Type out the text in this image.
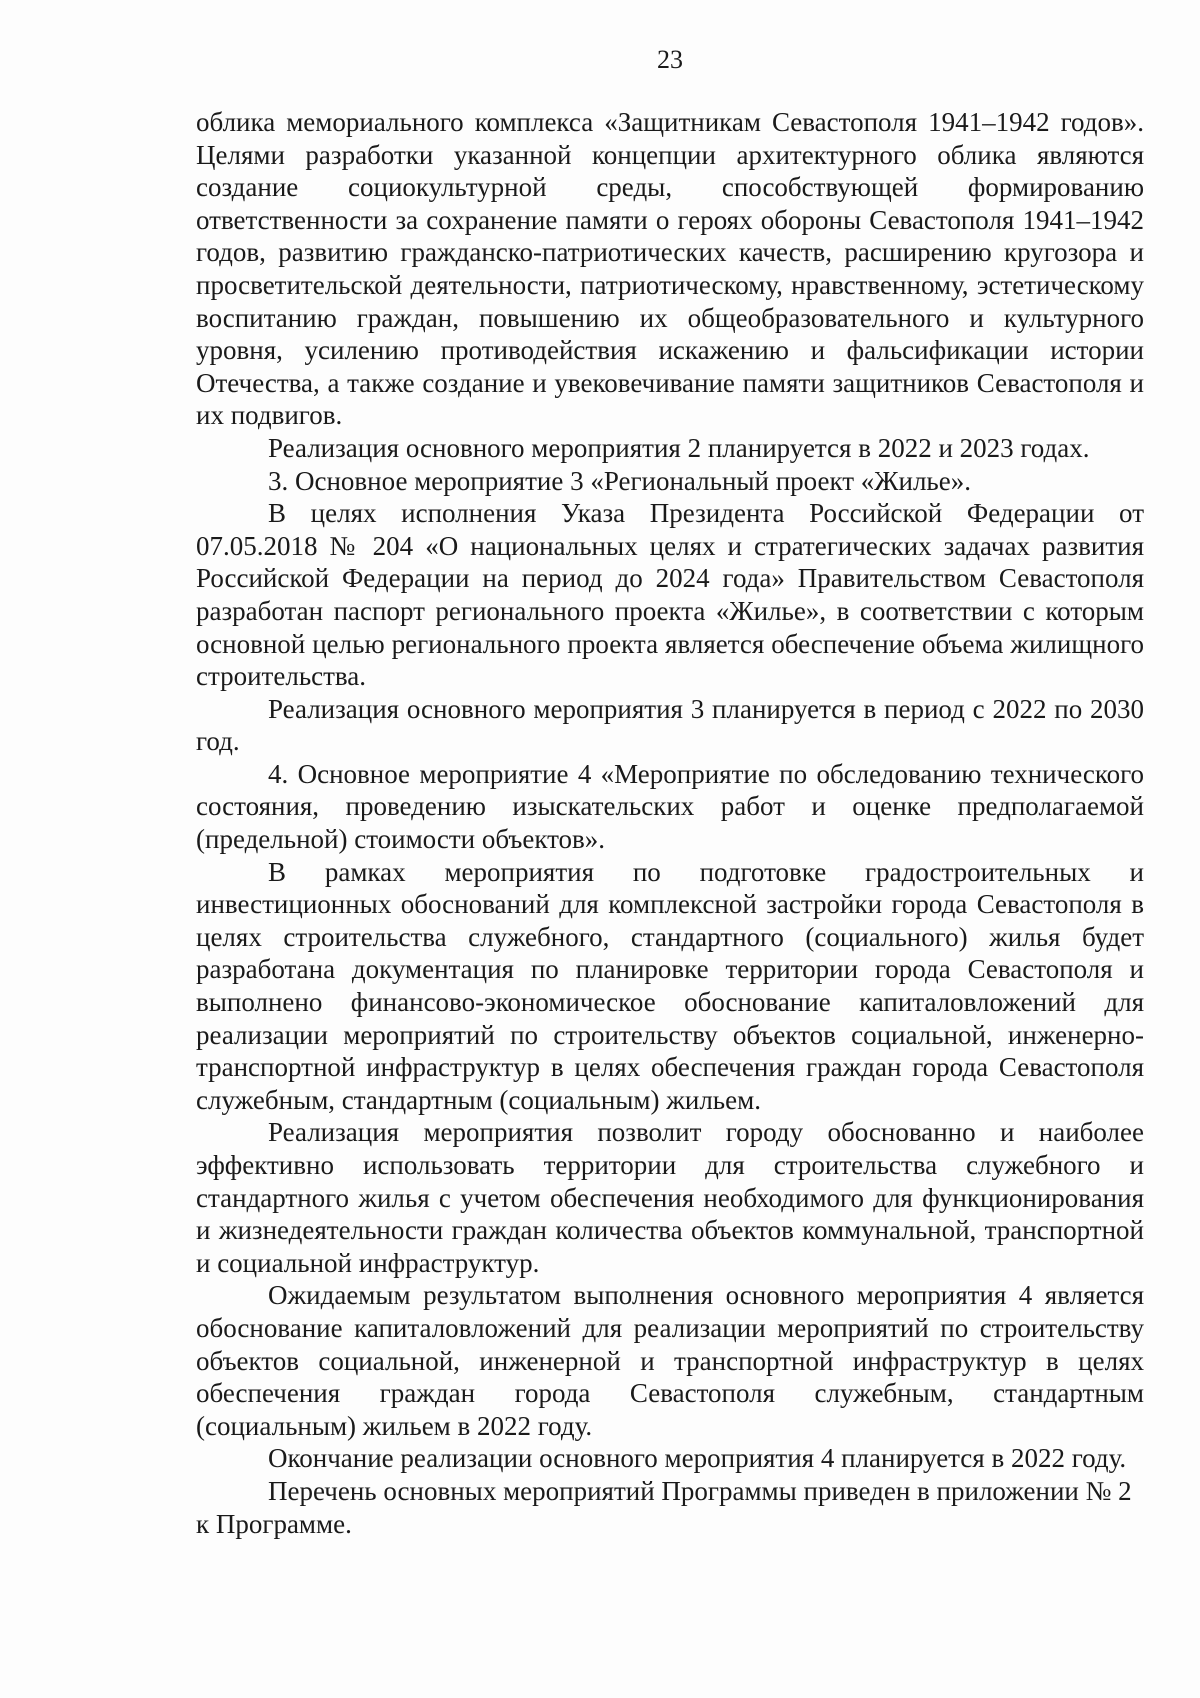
23

облика мемориального комплекса «Защитникам Севастополя 1941–1942 годов». Целями разработки указанной концепции архитектурного облика являются создание социокультурной среды, способствующей формированию ответственности за сохранение памяти о героях обороны Севастополя 1941–1942 годов, развитию гражданско-патриотических качеств, расширению кругозора и просветительской деятельности, патриотическому, нравственному, эстетическому воспитанию граждан, повышению их общеобразовательного и культурного уровня, усилению противодействия искажению и фальсификации истории Отечества, а также создание и увековечивание памяти защитников Севастополя и их подвигов.

Реализация основного мероприятия 2 планируется в 2022 и 2023 годах.

3. Основное мероприятие 3 «Региональный проект «Жилье».

В целях исполнения Указа Президента Российской Федерации от 07.05.2018 № 204 «О национальных целях и стратегических задачах развития Российской Федерации на период до 2024 года» Правительством Севастополя разработан паспорт регионального проекта «Жилье», в соответствии с которым основной целью регионального проекта является обеспечение объема жилищного строительства.

Реализация основного мероприятия 3 планируется в период с 2022 по 2030 год.

4. Основное мероприятие 4 «Мероприятие по обследованию технического состояния, проведению изыскательских работ и оценке предполагаемой (предельной) стоимости объектов».

В рамках мероприятия по подготовке градостроительных и инвестиционных обоснований для комплексной застройки города Севастополя в целях строительства служебного, стандартного (социального) жилья будет разработана документация по планировке территории города Севастополя и выполнено финансово-экономическое обоснование капиталовложений для реализации мероприятий по строительству объектов социальной, инженерно-транспортной инфраструктур в целях обеспечения граждан города Севастополя служебным, стандартным (социальным) жильем.

Реализация мероприятия позволит городу обоснованно и наиболее эффективно использовать территории для строительства служебного и стандартного жилья с учетом обеспечения необходимого для функционирования и жизнедеятельности граждан количества объектов коммунальной, транспортной и социальной инфраструктур.

Ожидаемым результатом выполнения основного мероприятия 4 является обоснование капиталовложений для реализации мероприятий по строительству объектов социальной, инженерной и транспортной инфраструктур в целях обеспечения граждан города Севастополя служебным, стандартным (социальным) жильем в 2022 году.

Окончание реализации основного мероприятия 4 планируется в 2022 году.

Перечень основных мероприятий Программы приведен в приложении № 2 к Программе.
